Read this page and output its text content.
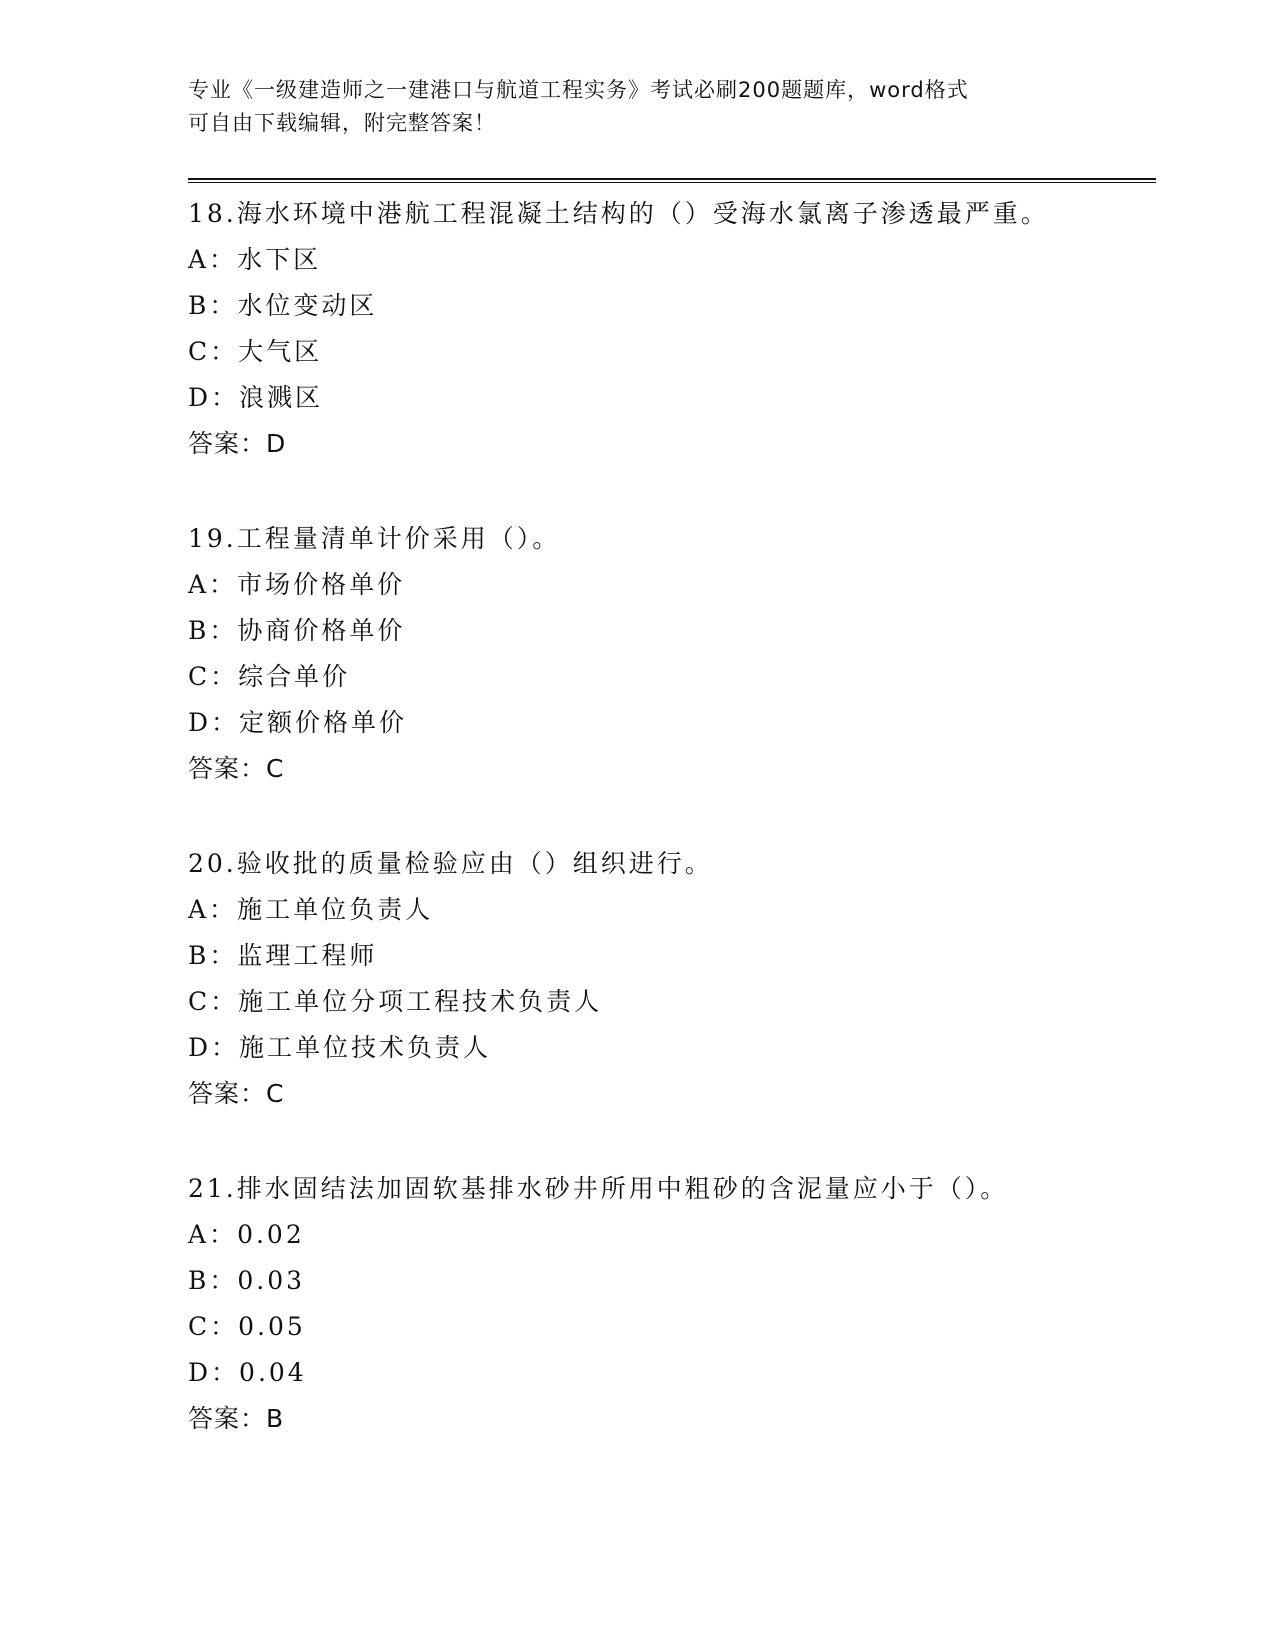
专业《一级建造师之一建港口与航道工程实务》考试必刷200题题库，word格式
可自由下载编辑，附完整答案！
18.海水环境中港航工程混凝土结构的（）受海水氯离子渗透最严重。
A：水下区
B：水位变动区
C：大气区
D：浪溅区
答案：D
19.工程量清单计价采用（）。
A：市场价格单价
B：协商价格单价
C：综合单价
D：定额价格单价
答案：C
20.验收批的质量检验应由（）组织进行。
A：施工单位负责人
B：监理工程师
C：施工单位分项工程技术负责人
D：施工单位技术负责人
答案：C
21.排水固结法加固软基排水砂井所用中粗砂的含泥量应小于（）。
A：0.02
B：0.03
C：0.05
D：0.04
答案：B
